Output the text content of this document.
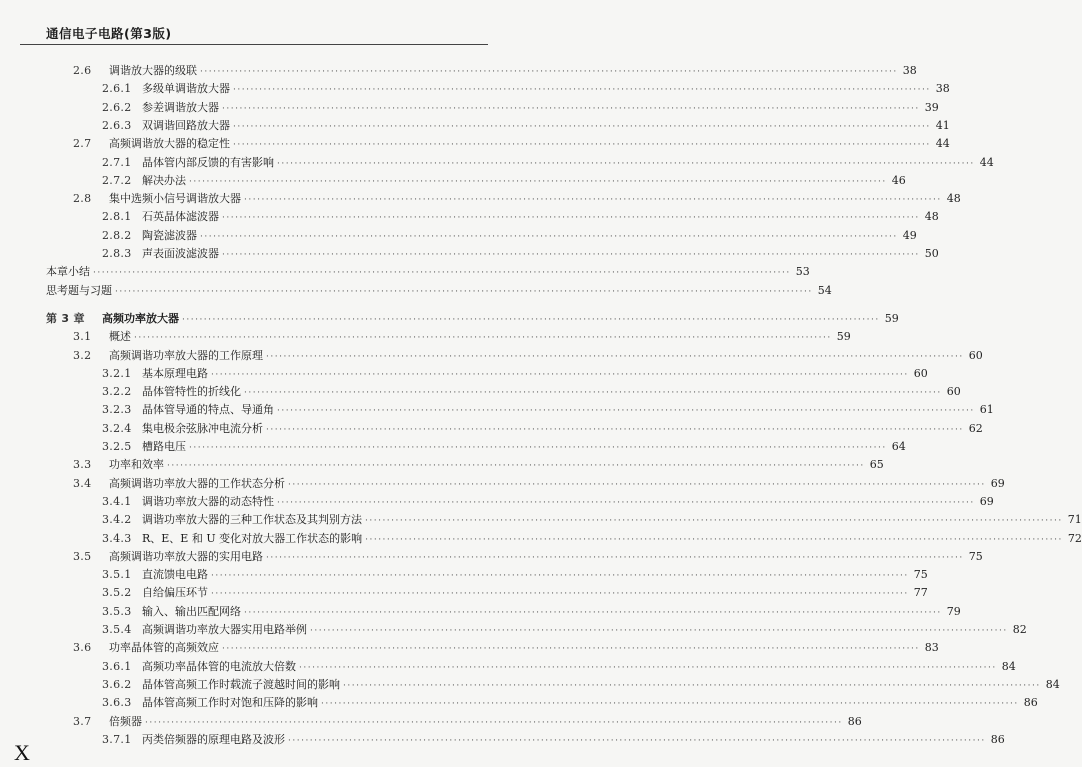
通信电子电路(第3版)
2.6	调谐放大器的级联 ································································································································································ 38
2.6.1 多级单调谐放大器 ································································································································································ 38
2.6.2 参差调谐放大器 ································································································································································ 39
2.6.3 双调谐回路放大器 ································································································································································ 41
2.7	高频调谐放大器的稳定性 ································································································································································ 44
2.7.1 晶体管内部反馈的有害影响 ································································································································································ 44
2.7.2 解决办法 ································································································································································ 46
2.8	集中选频小信号调谐放大器 ································································································································································ 48
2.8.1 石英晶体滤波器 ································································································································································ 48
2.8.2 陶瓷滤波器 ································································································································································ 49
2.8.3 声表面波滤波器 ································································································································································ 50
本章小结 ································································································································································ 53
思考题与习题 ································································································································································ 54
第 3 章	高频功率放大器 ································································································································································ 59
3.1	概述 ································································································································································ 59
3.2	高频调谐功率放大器的工作原理 ································································································································································ 60
3.2.1 基本原理电路 ································································································································································ 60
3.2.2 晶体管特性的折线化 ································································································································································ 60
3.2.3 晶体管导通的特点、导通角 ································································································································································ 61
3.2.4 集电极余弦脉冲电流分析 ································································································································································ 62
3.2.5 槽路电压 ································································································································································ 64
3.3	功率和效率 ································································································································································ 65
3.4	高频调谐功率放大器的工作状态分析 ································································································································································ 69
3.4.1 调谐功率放大器的动态特性 ································································································································································ 69
3.4.2 调谐功率放大器的三种工作状态及其判别方法 ································································································································································ 71
3.4.3 R、E、E 和 U 变化对放大器工作状态的影响 ································································································································································ 72
3.5	高频调谐功率放大器的实用电路 ································································································································································ 75
3.5.1 直流馈电电路 ································································································································································ 75
3.5.2 自给偏压环节 ································································································································································ 77
3.5.3 输入、输出匹配网络 ································································································································································ 79
3.5.4 高频调谐功率放大器实用电路举例 ································································································································································ 82
3.6	功率晶体管的高频效应 ································································································································································ 83
3.6.1 高频功率晶体管的电流放大倍数 ································································································································································ 84
3.6.2 晶体管高频工作时载流子渡越时间的影响 ································································································································································ 84
3.6.3 晶体管高频工作时对饱和压降的影响 ································································································································································ 86
3.7	倍频器 ································································································································································ 86
3.7.1 丙类倍频器的原理电路及波形 ································································································································································ 86
X
